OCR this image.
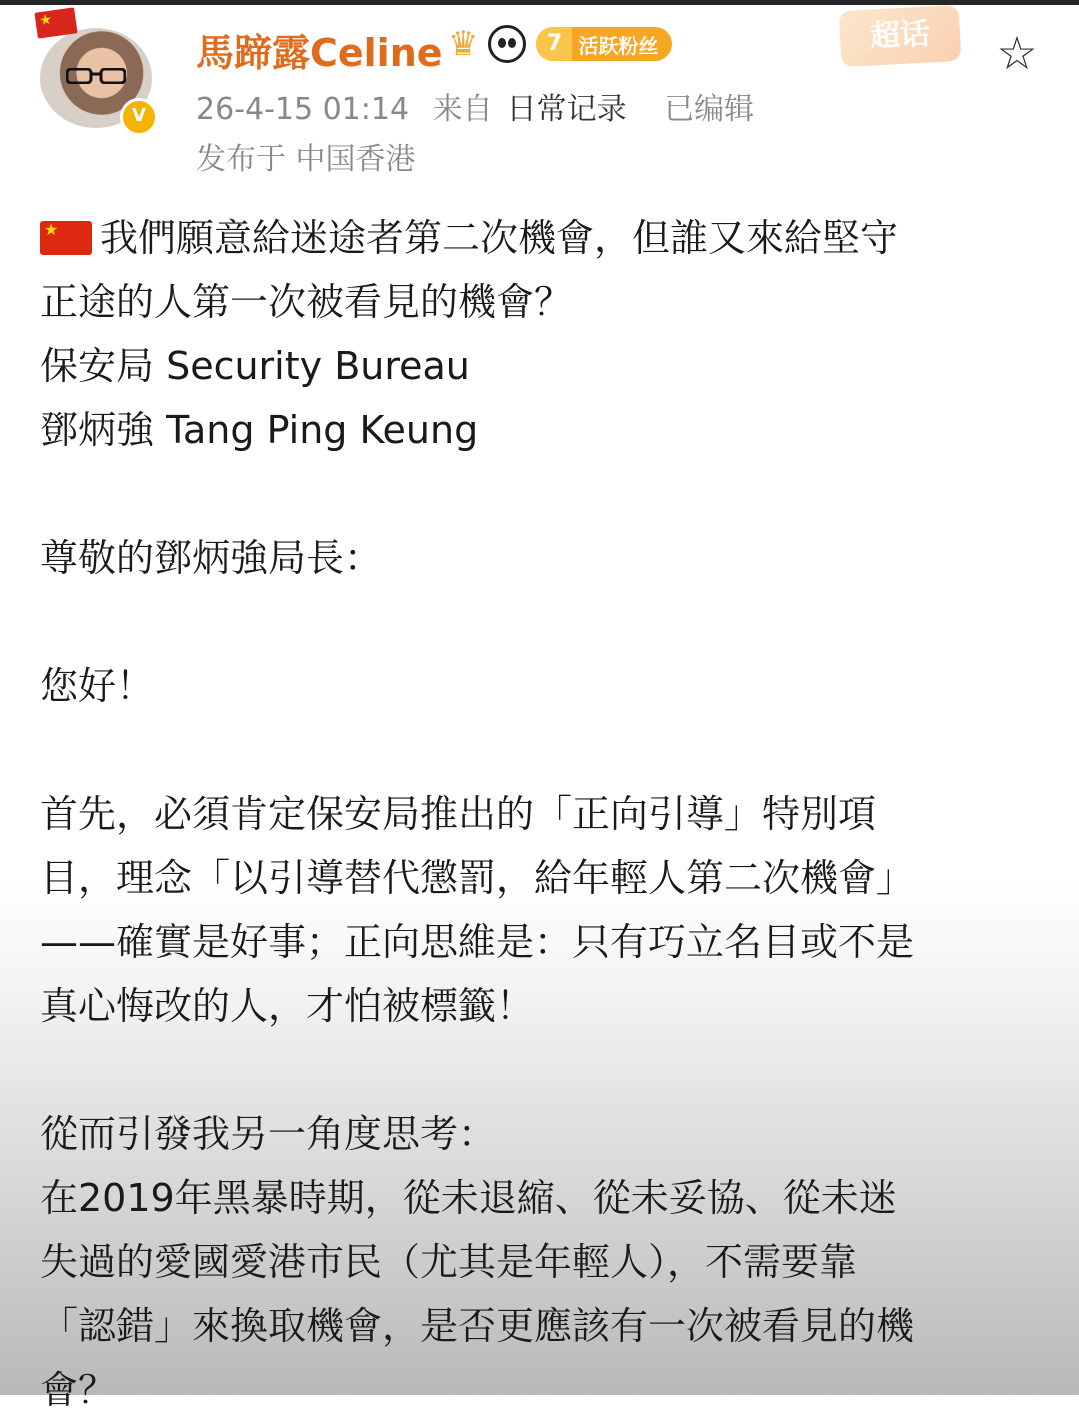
★
V
馬蹄露Celine ♛	7 活跃粉丝	超话	☆
26-4-15 01:14 来自 日常记录 已编辑
发布于 中国香港
★我們願意給迷途者第二次機會，但誰又來給堅守
正途的人第一次被看見的機會？
保安局 Security Bureau
鄧炳強 Tang Ping Keung
尊敬的鄧炳強局長：
您好！
首先，必須肯定保安局推出的「正向引導」特別項
目，理念「以引導替代懲罰，給年輕人第二次機會」
——確實是好事；正向思維是：只有巧立名目或不是
真心悔改的人，才怕被標籤！
從而引發我另一角度思考：
在2019年黑暴時期，從未退縮、從未妥協、從未迷
失過的愛國愛港市民（尤其是年輕人），不需要靠
「認錯」來換取機會，是否更應該有一次被看見的機
會？
